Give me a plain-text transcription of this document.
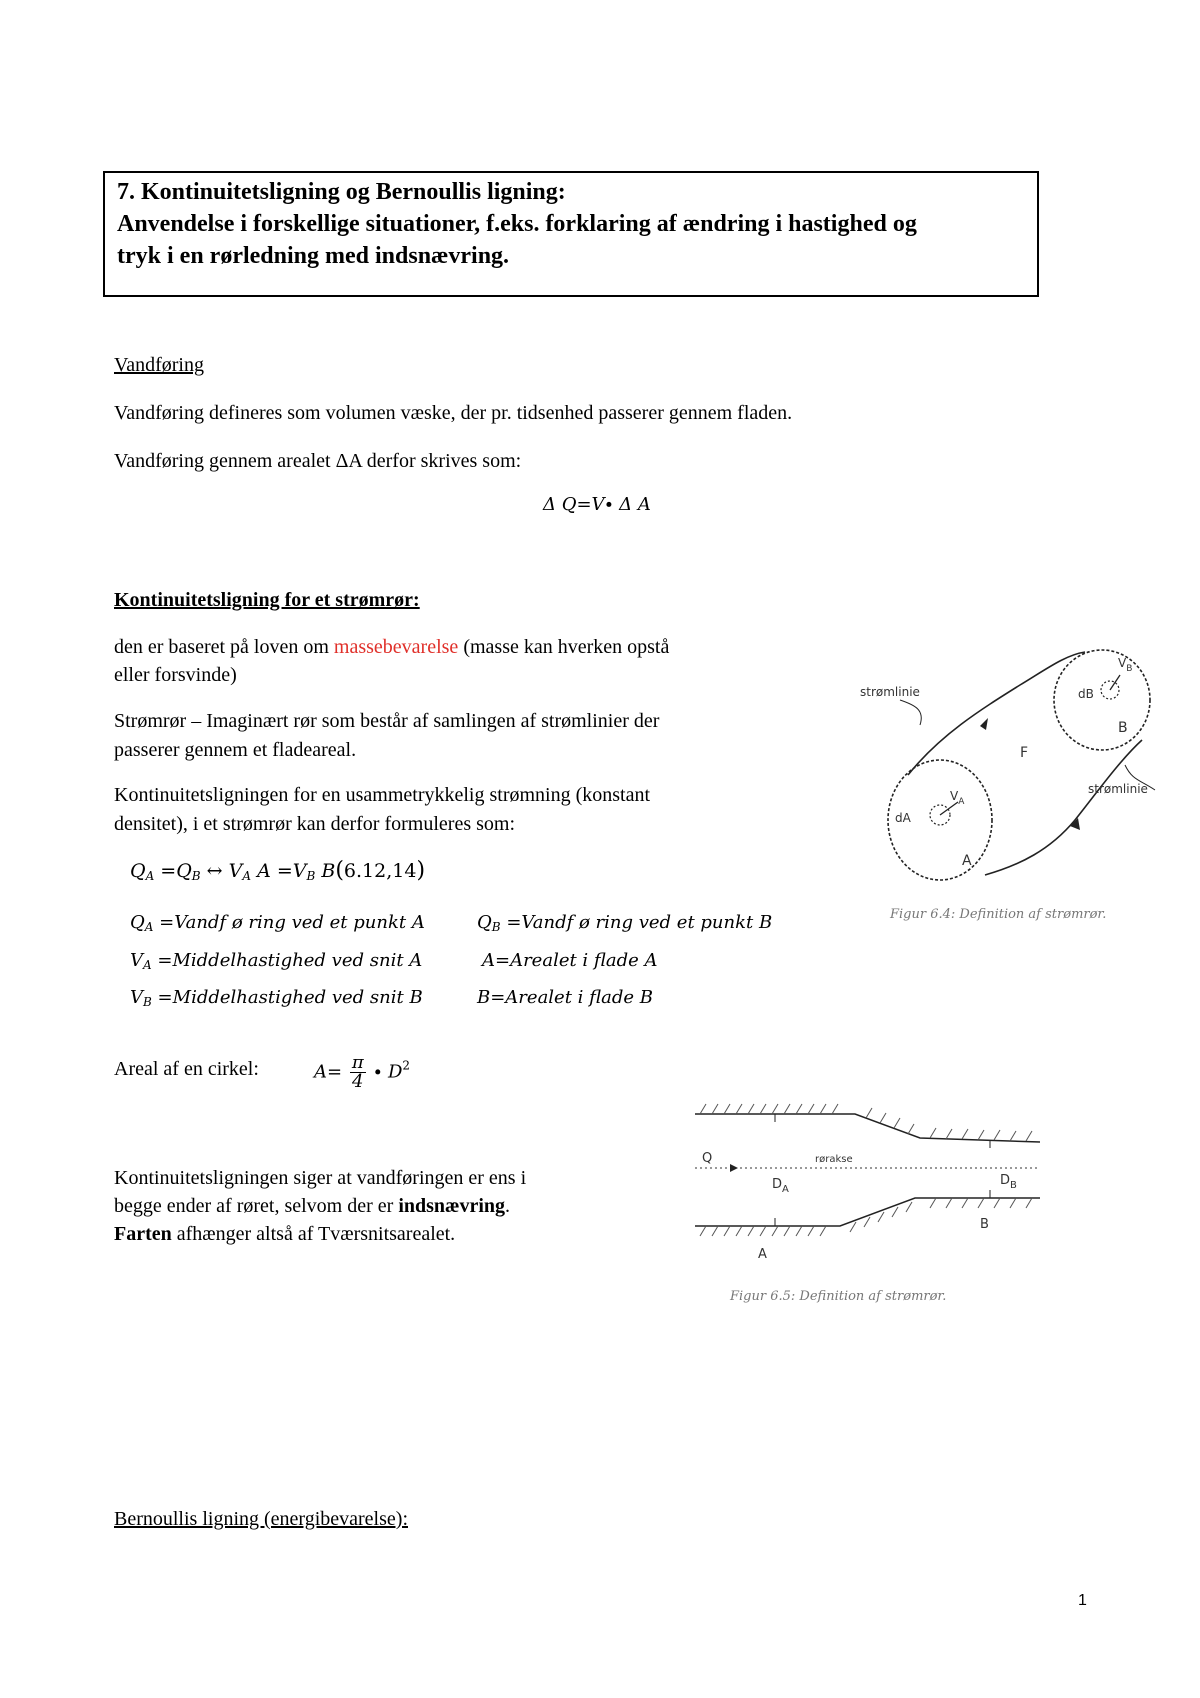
7. Kontinuitetsligning og Bernoullis ligning:
Anvendelse i forskellige situationer, f.eks. forklaring af ændring i hastighed og
tryk i en rørledning med indsnævring.
Vandføring
Vandføring defineres som volumen væske, der pr. tidsenhed passerer gennem fladen.
Vandføring gennem arealet ΔA derfor skrives som:
Δ Q=V∙ Δ A
Kontinuitetsligning for et strømrør:
den er baseret på loven om massebevarelse (masse kan hverken opstå
eller forsvinde)
Strømrør – Imaginært rør som består af samlingen af strømlinier der
passerer gennem et fladeareal.
Kontinuitetsligningen for en usammetrykkelig strømning (konstant
densitet), i et strømrør kan derfor formuleres som:
$Q_A =Q_B$ ↔ $V_A$ $A =V_B$ B(6.12,14)
$Q_A$ =Vandf ø ring ved et punkt A	$Q_B$ =Vandf ø ring ved et punkt B
$V_A$ =Middelhastighed ved snit A	A=Arealet i flade A
$V_B$ =Middelhastighed ved snit B	B=Arealet i flade B
Areal af en cirkel:	$A= \frac{\pi}{4} \cdot D^2$
Kontinuitetsligningen siger at vandføringen er ens i
begge ender af røret, selvom der er indsnævring.
Farten afhænger altså af Tværsnitsarealet.
strømlinie
strømlinie
$V_B$
dB
B
F
$V_A$
dA
A
Figur 6.4: Definition af strømrør.
Q	rørakse
$D_A$
$D_B$
A
B
Figur 6.5: Definition af strømrør.
Bernoullis ligning (energibevarelse):
1
